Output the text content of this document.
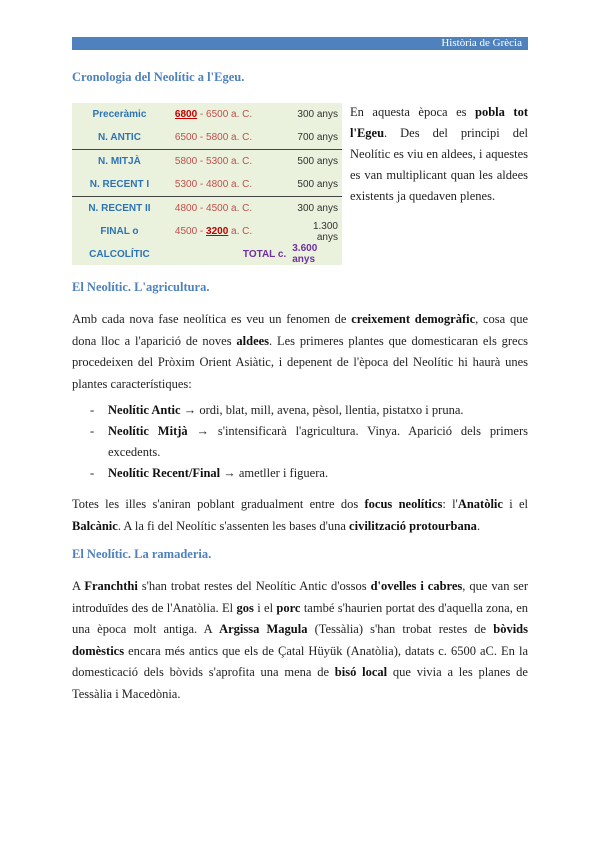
Història de Grècia
Cronologia del Neolític a l'Egeu.
Preceràmic	6800 - 6500 a. C.	300 anys
N. ANTIC	6500 - 5800 a. C.	700 anys
N. MITJÀ	5800 - 5300 a. C.	500 anys
N. RECENT I	5300 - 4800 a. C.	500 anys
N. RECENT II	4800 - 4500 a. C.	300 anys
FINAL o	4500 - 3200 a. C.	1.300 anys
CALCOLÍTIC	TOTAL c.	3.600 anys
En aquesta època es pobla tot l'Egeu. Des del principi del Neolític es viu en aldees, i aquestes es van multiplicant quan les aldees existents ja quedaven plenes.
El Neolític. L'agricultura.
Amb cada nova fase neolítica es veu un fenomen de creixement demogràfic, cosa que dona lloc a l'aparició de noves aldees. Les primeres plantes que domesticaran els grecs procedeixen del Pròxim Orient Asiàtic, i depenent de l'època del Neolític hi haurà unes plantes característiques:
- Neolític Antic → ordi, blat, mill, avena, pèsol, llentia, pistatxo i pruna.
- Neolític Mitjà → s'intensificarà l'agricultura. Vinya. Aparició dels primers excedents.
- Neolític Recent/Final → ametller i figuera.
Totes les illes s'aniran poblant gradualment entre dos focus neolítics: l'Anatòlic i el Balcànic. A la fi del Neolític s'assenten les bases d'una civilització protourbana.
El Neolític. La ramaderia.
A Franchthi s'han trobat restes del Neolític Antic d'ossos d'ovelles i cabres, que van ser introduïdes des de l'Anatòlia. El gos i el porc també s'haurien portat des d'aquella zona, en una època molt antiga. A Argissa Magula (Tessàlia) s'han trobat restes de bòvids domèstics encara més antics que els de Çatal Hüyük (Anatòlia), datats c. 6500 aC. En la domesticació dels bòvids s'aprofita una mena de bisó local que vivia a les planes de Tessàlia i Macedònia.
